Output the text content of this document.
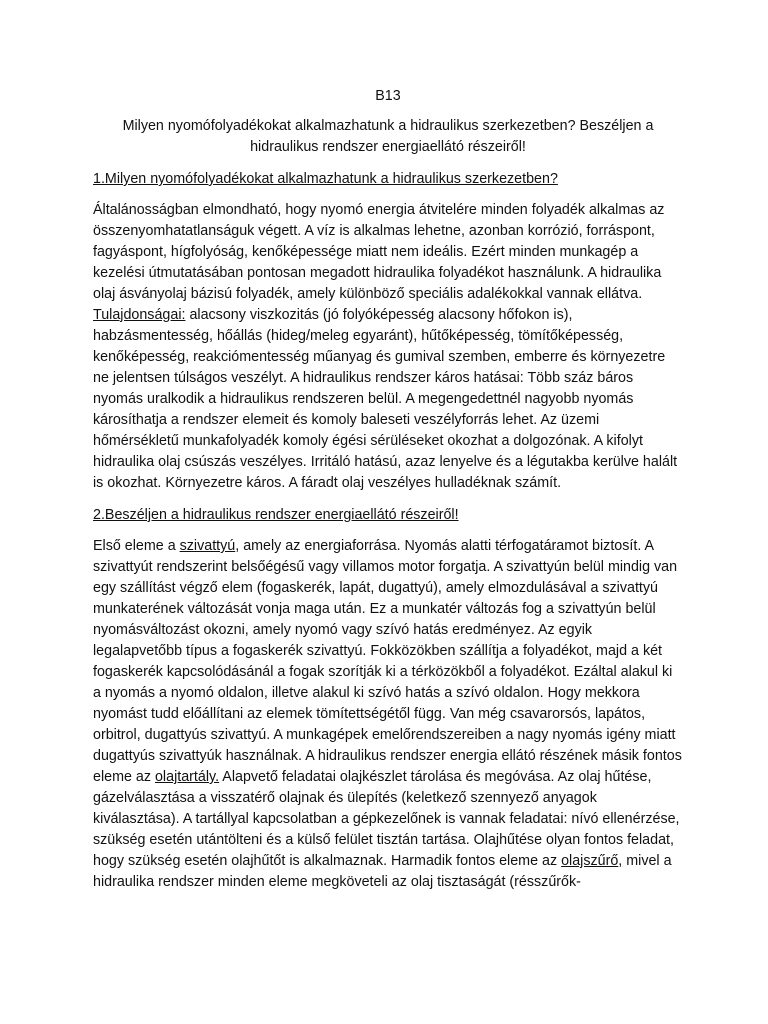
B13
Milyen nyomófolyadékokat alkalmazhatunk a hidraulikus szerkezetben? Beszéljen a hidraulikus rendszer energiaellátó részeiről!
1.Milyen nyomófolyadékokat alkalmazhatunk a hidraulikus szerkezetben?

Általánosságban elmondható, hogy nyomó energia átvitelére minden folyadék alkalmas az összenyomhatatlanságuk végett. A víz is alkalmas lehetne, azonban korrózió, forráspont, fagyáspont, hígfolyóság, kenőképessége miatt nem ideális. Ezért minden munkagép a kezelési útmutatásában pontosan megadott hidraulika folyadékot használunk. A hidraulika olaj ásványolaj bázisú folyadék, amely különböző speciális adalékokkal vannak ellátva. Tulajdonságai: alacsony viszkozitás (jó folyóképesség alacsony hőfokon is), habzásmentesség, hőállás (hideg/meleg egyaránt), hűtőképesség, tömítőképesség, kenőképesség, reakciómentesség műanyag és gumival szemben, emberre és környezetre ne jelentsen túlságos veszélyt. A hidraulikus rendszer káros hatásai: Több száz báros nyomás uralkodik a hidraulikus rendszeren belül. A megengedettnél nagyobb nyomás károsíthatja a rendszer elemeit és komoly baleseti veszélyforrás lehet. Az üzemi hőmérsékletű munkafolyadék komoly égési sérüléseket okozhat a dolgozónak. A kifolyt hidraulika olaj csúszás veszélyes. Irritáló hatású, azaz lenyelve és a légutakba kerülve halált is okozhat. Környezetre káros. A fáradt olaj veszélyes hulladéknak számít.

2.Beszéljen a hidraulikus rendszer energiaellátó részeiről!

Első eleme a szivattyú, amely az energiaforrása. Nyomás alatti térfogatáramot biztosít. A szivattyút rendszerint belsőégésű vagy villamos motor forgatja. A szivattyún belül mindig van egy szállítást végző elem (fogaskerék, lapát, dugattyú), amely elmozdulásával a szivattyú munkaterének változását vonja maga után. Ez a munkatér változás fog a szivattyún belül nyomásváltozást okozni, amely nyomó vagy szívó hatás eredményez. Az egyik legalapvetőbb típus a fogaskerék szivattyú. Fokközökben szállítja a folyadékot, majd a két fogaskerék kapcsolódásánál a fogak szorítják ki a térközökből a folyadékot. Ezáltal alakul ki a nyomás a nyomó oldalon, illetve alakul ki szívó hatás a szívó oldalon. Hogy mekkora nyomást tudd előállítani az elemek tömítettségétől függ. Van még csavarorsós, lapátos, orbitrol, dugattyús szivattyú. A munkagépek emelőrendszereiben a nagy nyomás igény miatt dugattyús szivattyúk használnak. A hidraulikus rendszer energia ellátó részének másik fontos eleme az olajtartály. Alapvető feladatai olajkészlet tárolása és megóvása. Az olaj hűtése, gázelválasztása a visszatérő olajnak és ülepítés (keletkező szennyező anyagok kiválasztása). A tartállyal kapcsolatban a gépkezelőnek is vannak feladatai: nívó ellenérzése, szükség esetén utántölteni és a külső felület tisztán tartása. Olajhűtése olyan fontos feladat, hogy szükség esetén olajhűtőt is alkalmaznak. Harmadik fontos eleme az olajszűrő, mivel a hidraulika rendszer minden eleme megköveteli az olaj tisztaságát (résszűrők-
